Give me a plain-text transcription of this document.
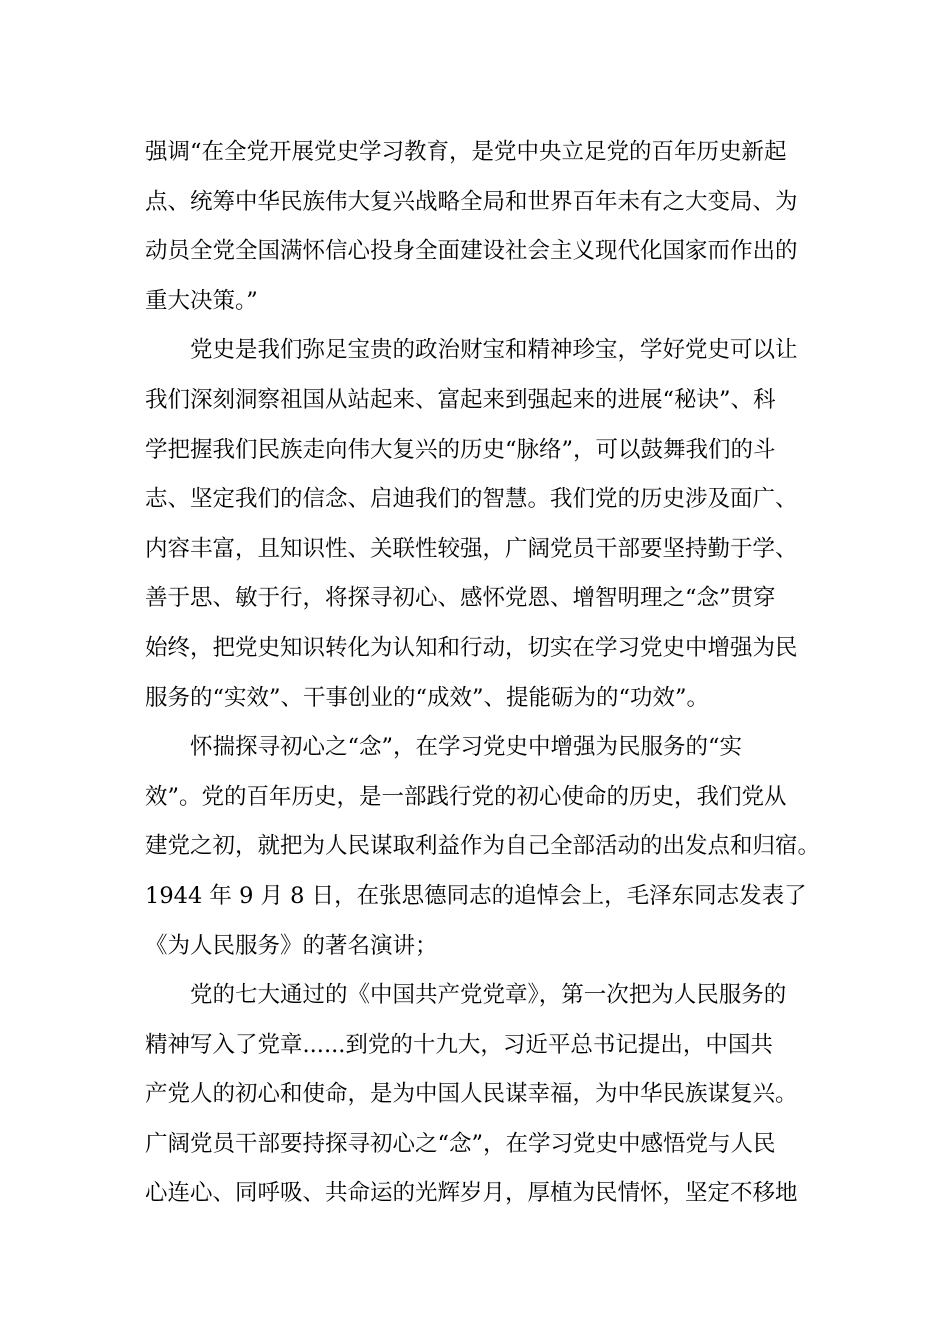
强调“在全党开展党史学习教育，是党中央立足党的百年历史新起
点、统筹中华民族伟大复兴战略全局和世界百年未有之大变局、为
动员全党全国满怀信心投身全面建设社会主义现代化国家而作出的
重大决策。”
党史是我们弥足宝贵的政治财宝和精神珍宝，学好党史可以让
我们深刻洞察祖国从站起来、富起来到强起来的进展“秘诀”、科
学把握我们民族走向伟大复兴的历史“脉络”，可以鼓舞我们的斗
志、坚定我们的信念、启迪我们的智慧。我们党的历史涉及面广、
内容丰富，且知识性、关联性较强，广阔党员干部要坚持勤于学、
善于思、敏于行，将探寻初心、感怀党恩、增智明理之“念”贯穿
始终，把党史知识转化为认知和行动，切实在学习党史中增强为民
服务的“实效”、干事创业的“成效”、提能砺为的“功效”。
怀揣探寻初心之“念”，在学习党史中增强为民服务的“实
效”。党的百年历史，是一部践行党的初心使命的历史，我们党从
建党之初，就把为人民谋取利益作为自己全部活动的出发点和归宿。
1944 年 9 月 8 日，在张思德同志的追悼会上，毛泽东同志发表了
《为人民服务》的著名演讲；
党的七大通过的《中国共产党党章》，第一次把为人民服务的
精神写入了党章......到党的十九大，习近平总书记提出，中国共
产党人的初心和使命，是为中国人民谋幸福，为中华民族谋复兴。
广阔党员干部要持探寻初心之“念”，在学习党史中感悟党与人民
心连心、同呼吸、共命运的光辉岁月，厚植为民情怀，坚定不移地
